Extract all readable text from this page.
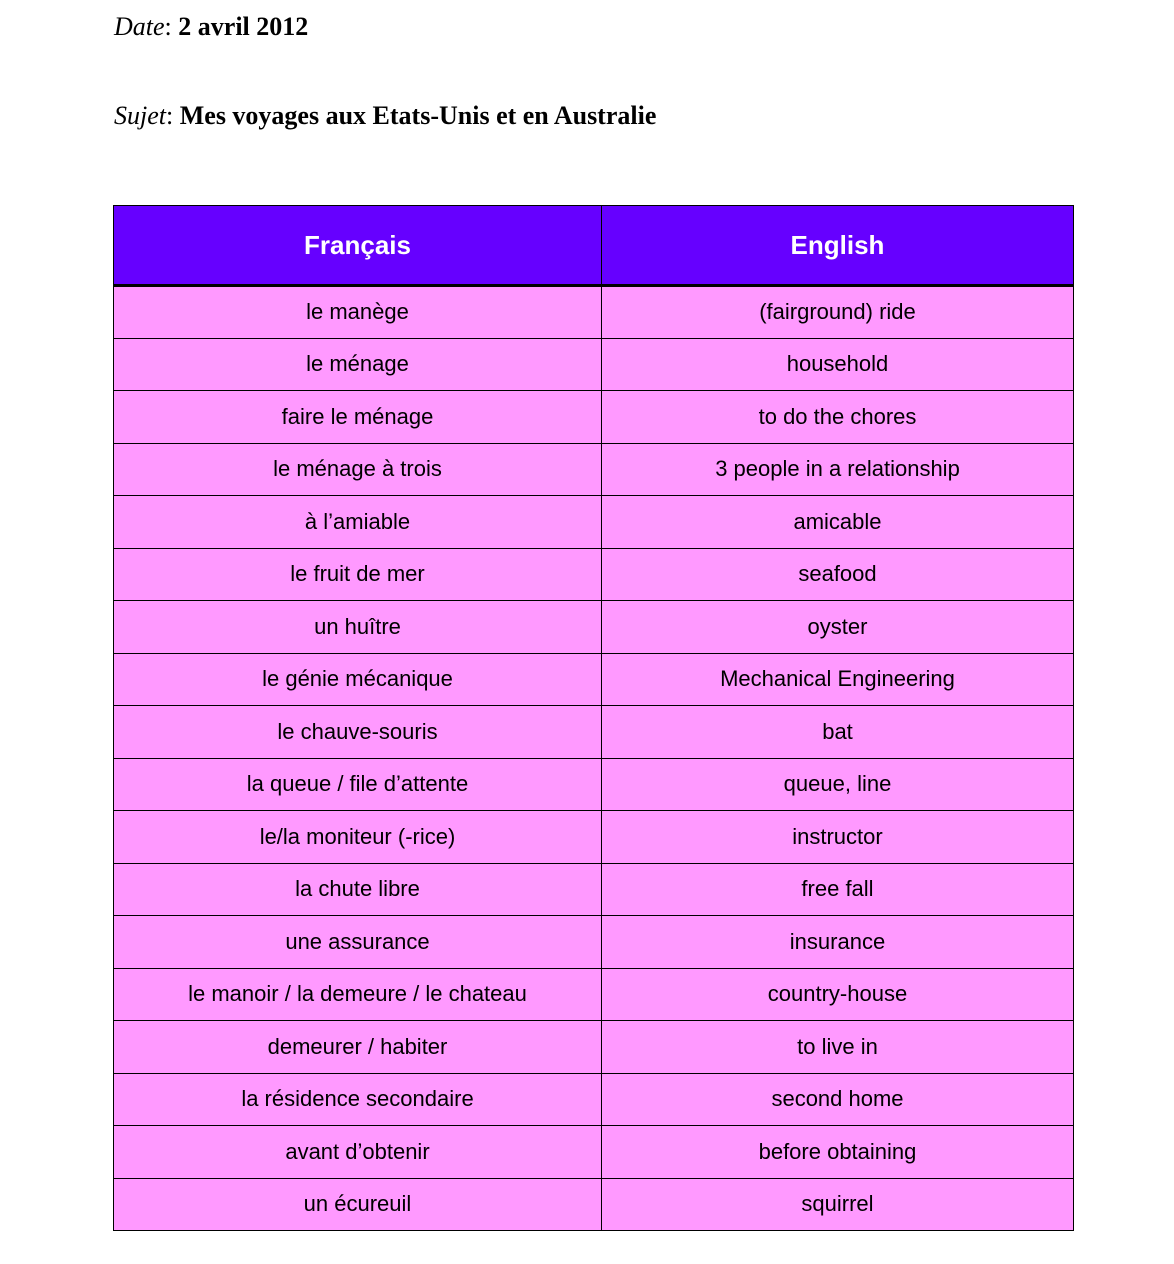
Date: 2 avril 2012
Sujet: Mes voyages aux Etats-Unis et en Australie
Français	English
le manège	(fairground) ride
le ménage	household
faire le ménage	to do the chores
le ménage à trois	3 people in a relationship
à l’amiable	amicable
le fruit de mer	seafood
un huître	oyster
le génie mécanique	Mechanical Engineering
le chauve-souris	bat
la queue / file d’attente	queue, line
le/la moniteur (-rice)	instructor
la chute libre	free fall
une assurance	insurance
le manoir / la demeure / le chateau	country-house
demeurer / habiter	to live in
la résidence secondaire	second home
avant d’obtenir	before obtaining
un écureuil	squirrel
